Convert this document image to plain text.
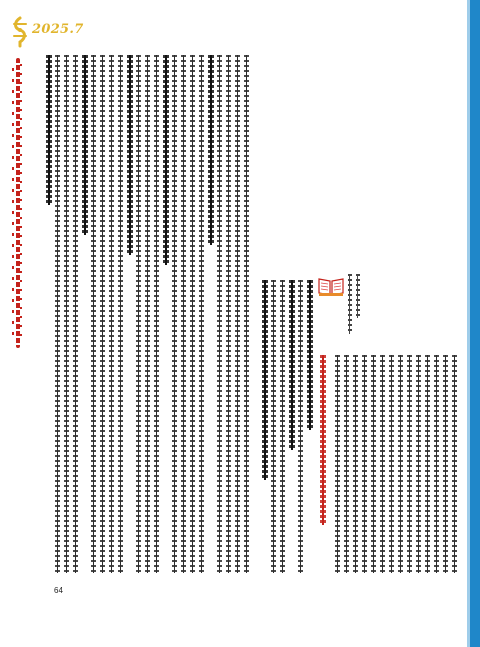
2025.7
64
